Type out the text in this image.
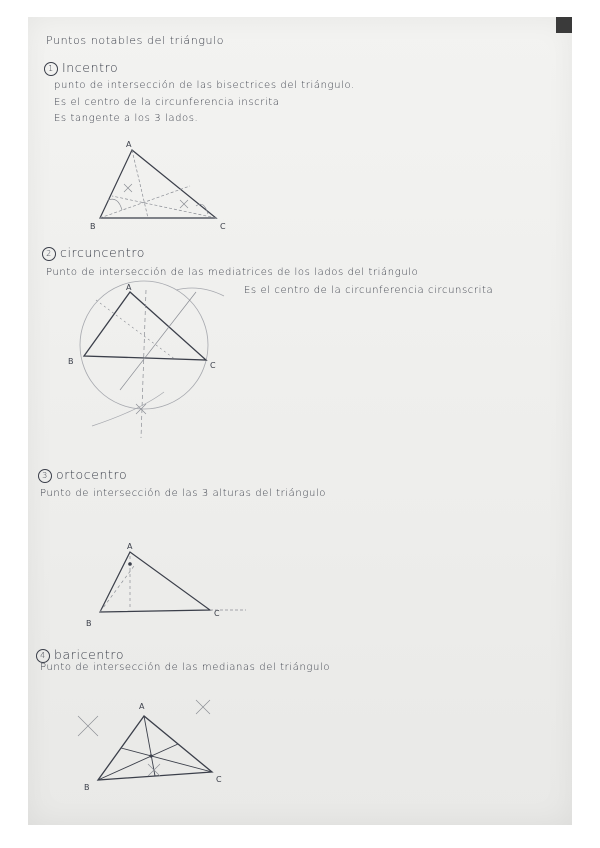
Puntos notables del triángulo
1 Incentro
punto de intersección de las bisectrices del triángulo.
Es el centro de la circunferencia inscrita
Es tangente a los 3 lados.
2 circuncentro
Punto de intersección de las mediatrices de los lados del triángulo
Es el centro de la circunferencia circunscrita
3 ortocentro
Punto de intersección de las 3 alturas del triángulo
4 baricentro
Punto de intersección de las medianas del triángulo
A
B	C
A
B	C
A
B
C
A
B
C
